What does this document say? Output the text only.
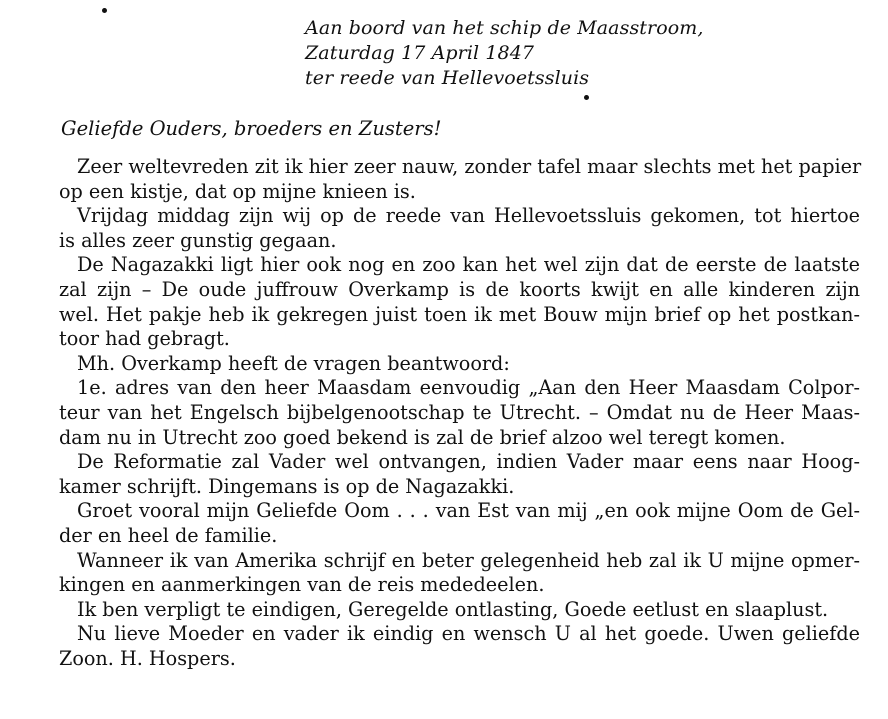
Aan boord van het schip de Maasstroom,
Zaturdag 17 April 1847
ter reede van Hellevoetssluis
Geliefde Ouders, broeders en Zusters!
Zeer weltevreden zit ik hier zeer nauw, zonder tafel maar slechts met het papier
op een kistje, dat op mijne knieen is.
Vrijdag middag zijn wij op de reede van Hellevoetssluis gekomen, tot hiertoe
is alles zeer gunstig gegaan.
De Nagazakki ligt hier ook nog en zoo kan het wel zijn dat de eerste de laatste
zal zijn – De oude juffrouw Overkamp is de koorts kwijt en alle kinderen zijn
wel. Het pakje heb ik gekregen juist toen ik met Bouw mijn brief op het postkan-
toor had gebragt.
Mh. Overkamp heeft de vragen beantwoord:
1e. adres van den heer Maasdam eenvoudig „Aan den Heer Maasdam Colpor-
teur van het Engelsch bijbelgenootschap te Utrecht. – Omdat nu de Heer Maas-
dam nu in Utrecht zoo goed bekend is zal de brief alzoo wel teregt komen.
De Reformatie zal Vader wel ontvangen, indien Vader maar eens naar Hoog-
kamer schrijft. Dingemans is op de Nagazakki.
Groet vooral mijn Geliefde Oom . . . van Est van mij „en ook mijne Oom de Gel-
der en heel de familie.
Wanneer ik van Amerika schrijf en beter gelegenheid heb zal ik U mijne opmer-
kingen en aanmerkingen van de reis mededeelen.
Ik ben verpligt te eindigen, Geregelde ontlasting, Goede eetlust en slaaplust.
Nu lieve Moeder en vader ik eindig en wensch U al het goede. Uwen geliefde
Zoon. H. Hospers.
